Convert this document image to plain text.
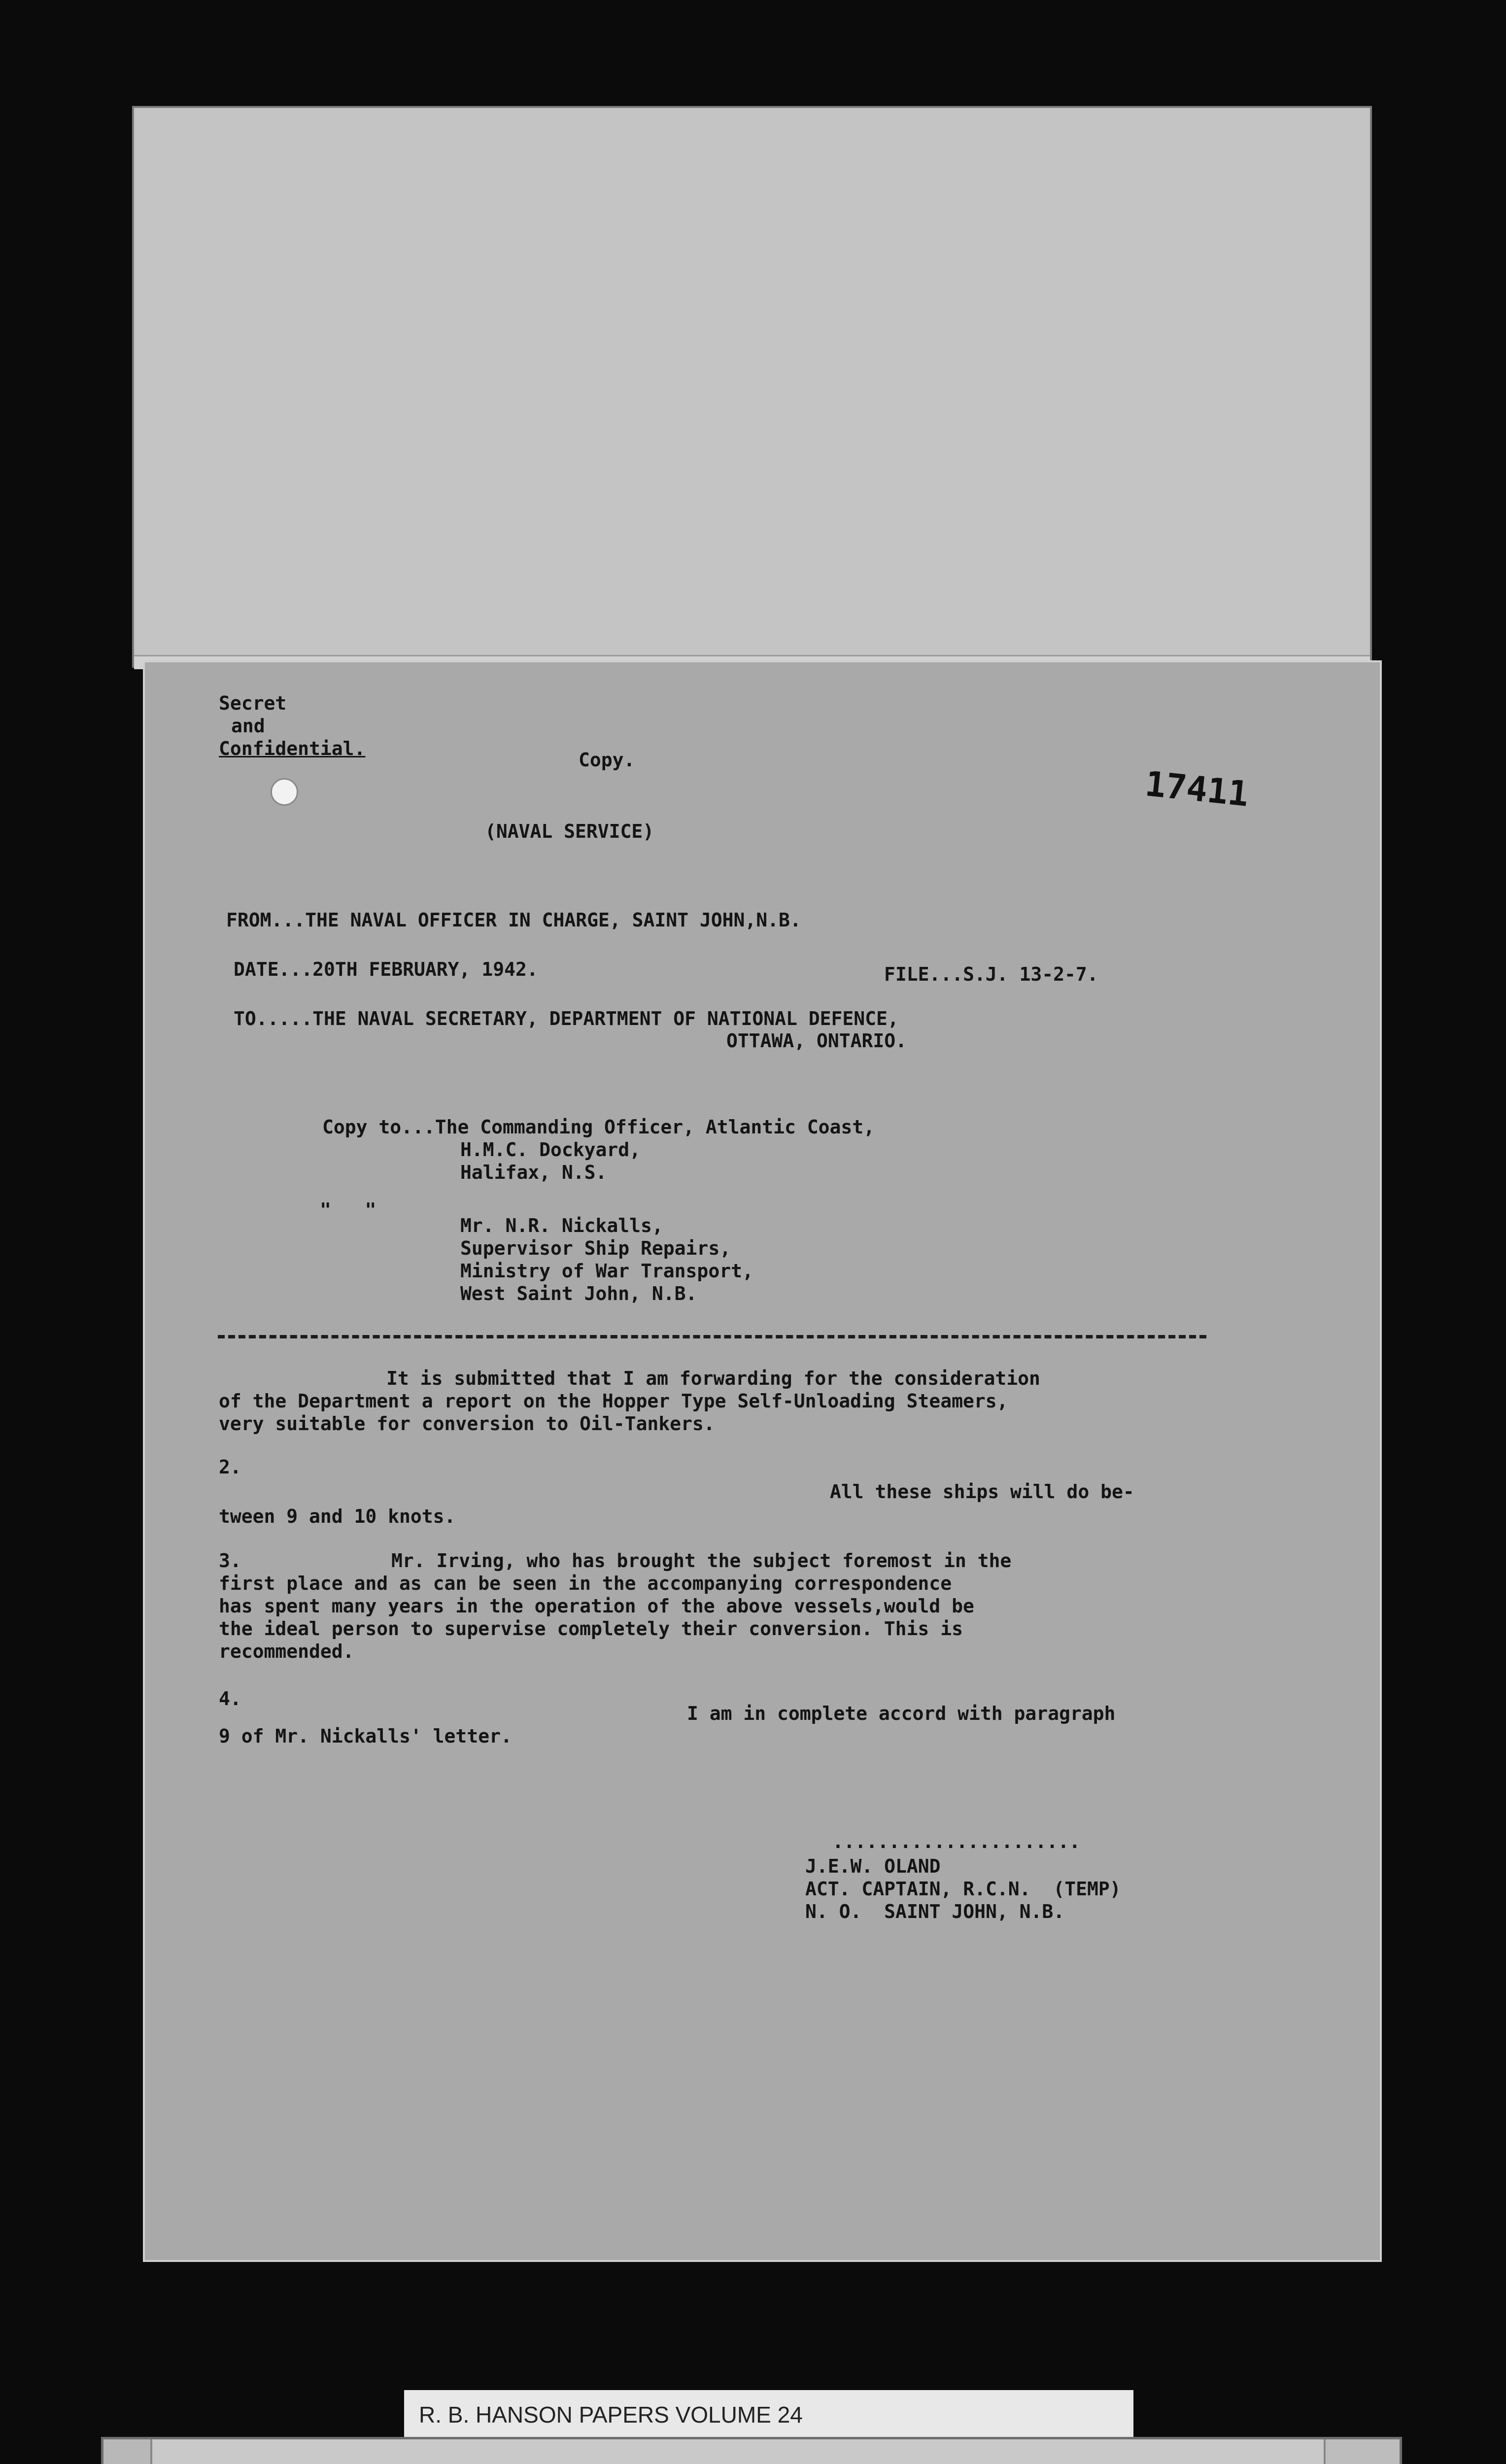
Secret
and
Confidential.
Copy.
17411
(NAVAL SERVICE)
FROM...THE NAVAL OFFICER IN CHARGE, SAINT JOHN,N.B.
DATE...20TH FEBRUARY, 1942.	FILE...S.J. 13-2-7.
TO.....THE NAVAL SECRETARY, DEPARTMENT OF NATIONAL DEFENCE,
OTTAWA, ONTARIO.
Copy to...The Commanding Officer, Atlantic Coast,
H.M.C. Dockyard,
Halifax, N.S.
"   "
Mr. N.R. Nickalls,
Supervisor Ship Repairs,
Ministry of War Transport,
West Saint John, N.B.
It is submitted that I am forwarding for the consideration
of the Department a report on the Hopper Type Self-Unloading Steamers,
very suitable for conversion to Oil-Tankers.
2.
All these ships will do be-
tween 9 and 10 knots.
3.	Mr. Irving, who has brought the subject foremost in the
first place and as can be seen in the accompanying correspondence
has spent many years in the operation of the above vessels,would be
the ideal person to supervise completely their conversion. This is
recommended.
4.
I am in complete accord with paragraph
9 of Mr. Nickalls' letter.
......................
J.E.W. OLAND
ACT. CAPTAIN, R.C.N.  (TEMP)
N. O.  SAINT JOHN, N.B.
R. B. HANSON PAPERS VOLUME 24
